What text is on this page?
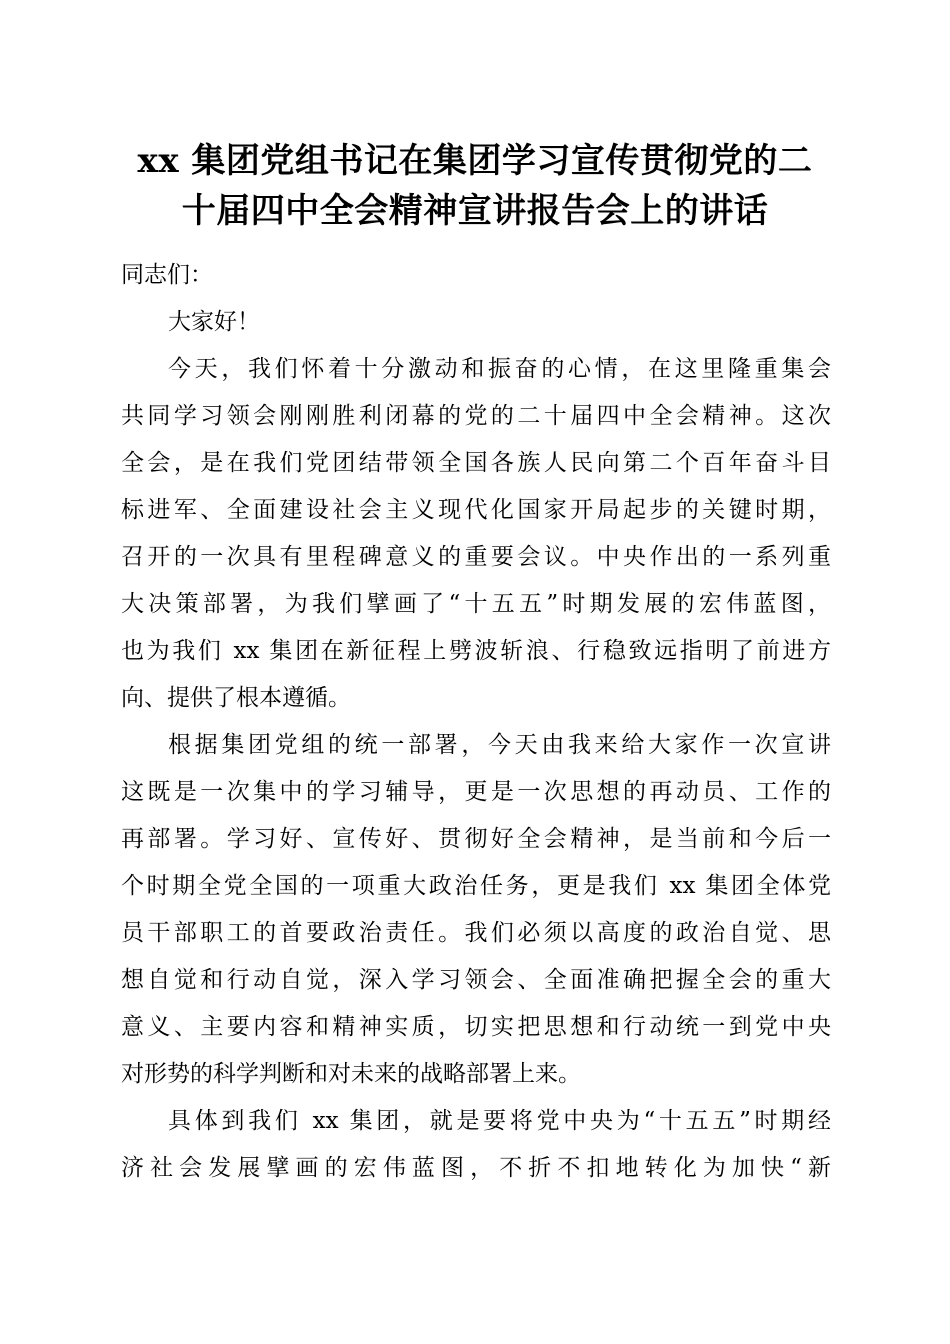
xx 集团党组书记在集团学习宣传贯彻党的二
十届四中全会精神宣讲报告会上的讲话
同志们：
大家好！
今天，我们怀着十分激动和振奋的心情，在这里隆重集会
共同学习领会刚刚胜利闭幕的党的二十届四中全会精神。这次
全会，是在我们党团结带领全国各族人民向第二个百年奋斗目
标进军、全面建设社会主义现代化国家开局起步的关键时期，
召开的一次具有里程碑意义的重要会议。中央作出的一系列重
大决策部署，为我们擘画了“十五五”时期发展的宏伟蓝图，
也为我们 xx 集团在新征程上劈波斩浪、行稳致远指明了前进方
向、提供了根本遵循。
根据集团党组的统一部署，今天由我来给大家作一次宣讲
这既是一次集中的学习辅导，更是一次思想的再动员、工作的
再部署。学习好、宣传好、贯彻好全会精神，是当前和今后一
个时期全党全国的一项重大政治任务，更是我们 xx 集团全体党
员干部职工的首要政治责任。我们必须以高度的政治自觉、思
想自觉和行动自觉，深入学习领会、全面准确把握全会的重大
意义、主要内容和精神实质，切实把思想和行动统一到党中央
对形势的科学判断和对未来的战略部署上来。
具体到我们 xx 集团，就是要将党中央为“十五五”时期经
济社会发展擘画的宏伟蓝图，不折不扣地转化为加快“新
